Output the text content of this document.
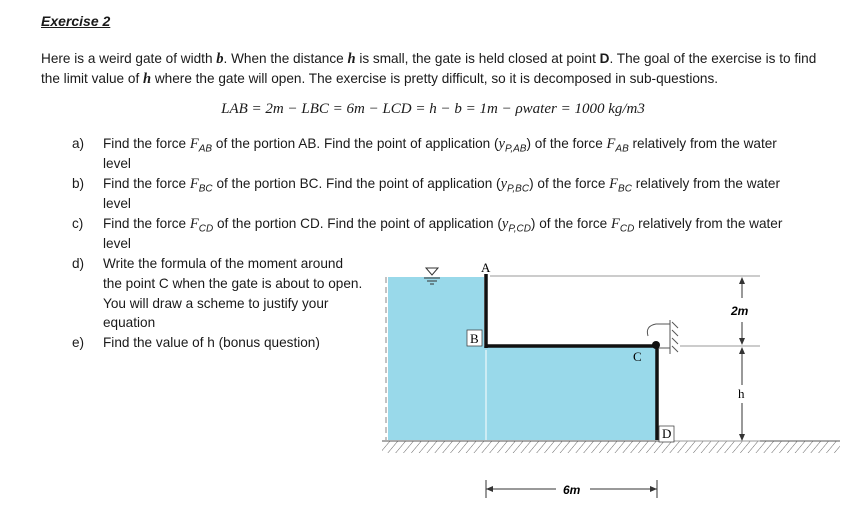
Exercise 2
Here is a weird gate of width b. When the distance h is small, the gate is held closed at point D. The goal of the exercise is to find the limit value of h where the gate will open. The exercise is pretty difficult, so it is decomposed in sub-questions.
LAB = 2m − LBC = 6m − LCD = h − b = 1m − ρwater = 1000 kg/m3
a) Find the force $F_{AB}$ of the portion AB. Find the point of application $(y_{P,AB})$ of the force $F_{AB}$ relatively from the water
level
b) Find the force $F_{BC}$ of the portion BC. Find the point of application $(y_{P,BC})$ of the force $F_{BC}$ relatively from the water
level
c) Find the force $F_{CD}$ of the portion CD. Find the point of application $(y_{P,CD})$ of the force $F_{CD}$ relatively from the water
level
d) Write the formula of the moment around
the point C when the gate is about to open.
You will draw a scheme to justify your
equation
e) Find the value of h (bonus question)
2m
h
6m
A
B
C
D
